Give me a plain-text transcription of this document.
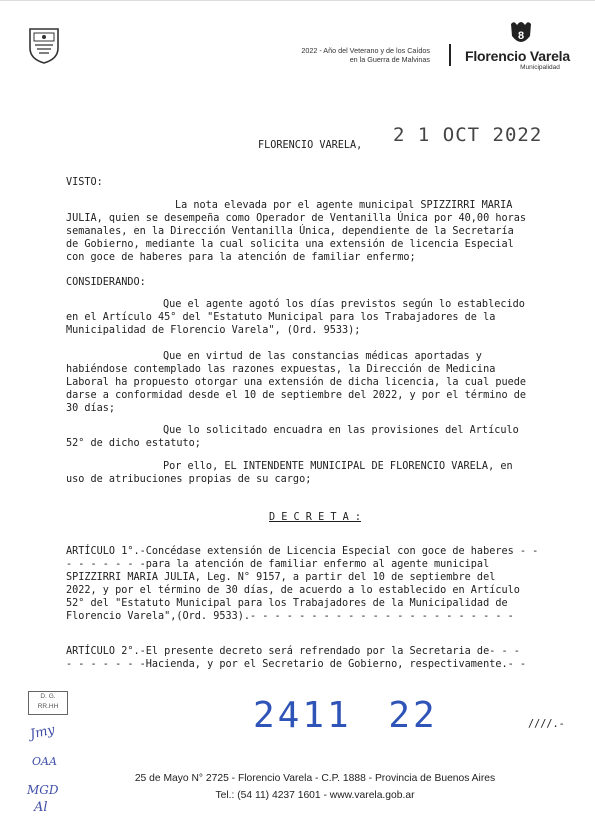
2022 - Año del Veterano y de los Caídos
en la Guerra de Malvinas
8
Florencio Varela
Municipalidad
FLORENCIO VARELA, 2 1 OCT 2022
VISTO:
La nota elevada por el agente municipal SPIZZIRRI MARIA
JULIA, quien se desempeña como Operador de Ventanilla Única por 40,00 horas
semanales, en la Dirección Ventanilla Única, dependiente de la Secretaría
de Gobierno, mediante la cual solicita una extensión de licencia Especial
con goce de haberes para la atención de familiar enfermo;
CONSIDERANDO:
Que el agente agotó los días previstos según lo establecido
en el Artículo 45° del "Estatuto Municipal para los Trabajadores de la
Municipalidad de Florencio Varela", (Ord. 9533);
Que en virtud de las constancias médicas aportadas y
habiéndose contemplado las razones expuestas, la Dirección de Medicina
Laboral ha propuesto otorgar una extensión de dicha licencia, la cual puede
darse a conformidad desde el 10 de septiembre del 2022, y por el término de
30 días;
Que lo solicitado encuadra en las provisiones del Artículo
52° de dicho estatuto;
Por ello, EL INTENDENTE MUNICIPAL DE FLORENCIO VARELA, en
uso de atribuciones propias de su cargo;
D E C R E T A :
ARTÍCULO 1°.-Concédase extensión de Licencia Especial con goce de haberes - -
- - - - - - -para la atención de familiar enfermo al agente municipal
SPIZZIRRI MARIA JULIA, Leg. N° 9157, a partir del 10 de septiembre del
2022, y por el término de 30 días, de acuerdo a lo establecido en Artículo
52° del "Estatuto Municipal para los Trabajadores de la Municipalidad de
Florencio Varela",(Ord. 9533).- - - - - - - - - - - - - - - - - - - - - -
ARTÍCULO 2°.-El presente decreto será refrendado por la Secretaria de- - -
- - - - - - -Hacienda, y por el Secretario de Gobierno, respectivamente.- -
D. G.
RR.HH
Jmy
OAA
MGD
Al
2411 22	////.-
25 de Mayo N° 2725 - Florencio Varela - C.P. 1888 - Provincia de Buenos Aires
Tel.: (54 11) 4237 1601 - www.varela.gob.ar
